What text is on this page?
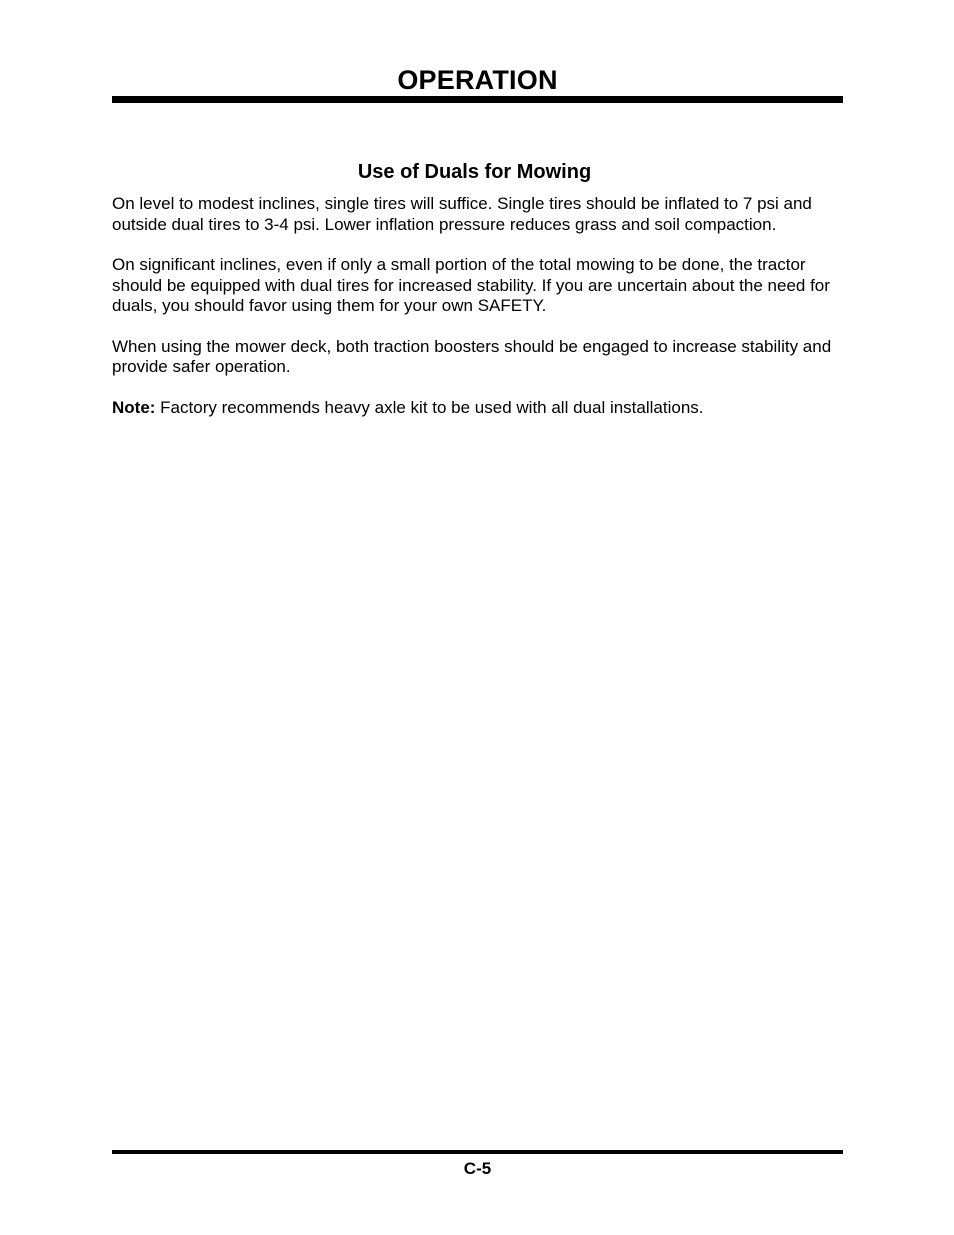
OPERATION
Use of Duals for Mowing

On level to modest inclines, single tires will suffice. Single tires should be inflated to 7 psi and outside dual tires to 3-4 psi. Lower inflation pressure reduces grass and soil compaction.

On significant inclines, even if only a small portion of the total mowing to be done, the tractor should be equipped with dual tires for increased stability. If you are uncertain about the need for duals, you should favor using them for your own SAFETY.

When using the mower deck, both traction boosters should be engaged to increase stability and provide safer operation.

Note: Factory recommends heavy axle kit to be used with all dual installations.

C-5
